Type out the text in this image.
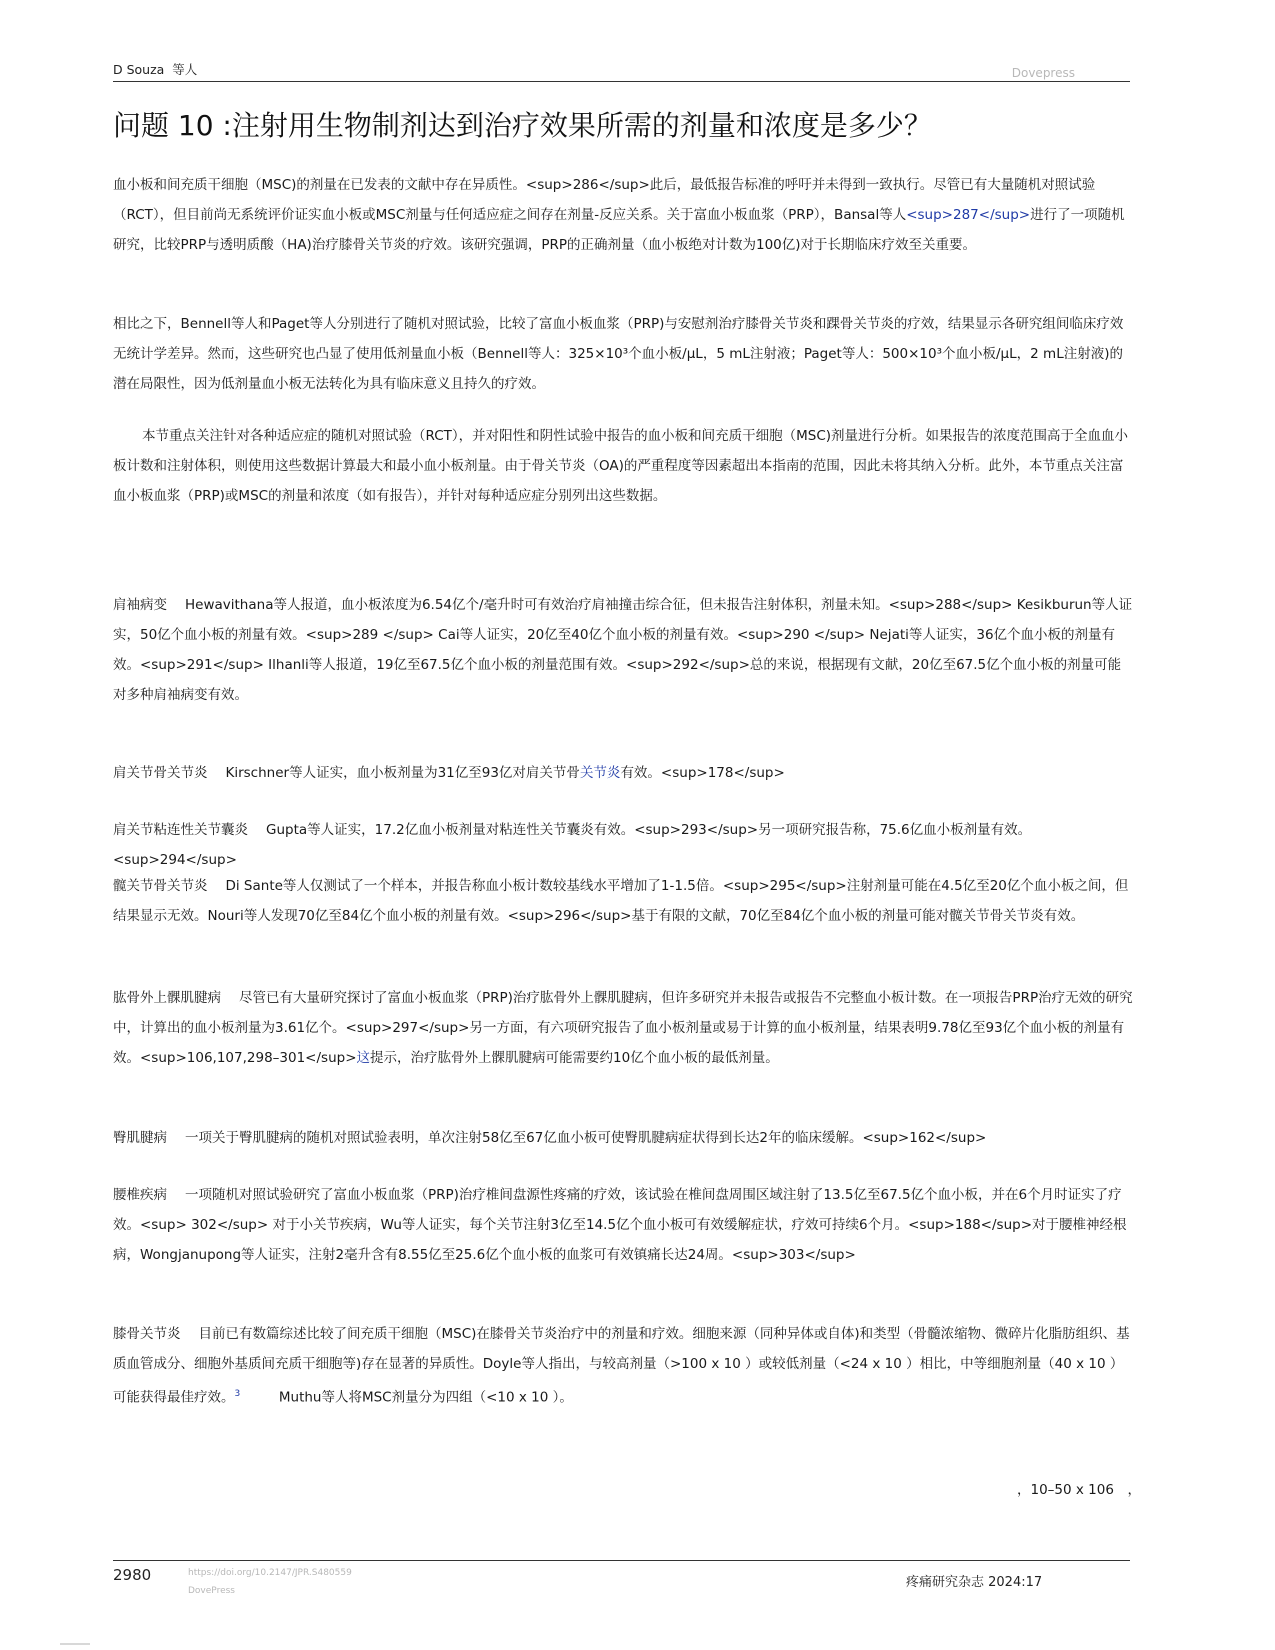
D Souza 等人	Dovepress
问题 10 :注射用生物制剂达到治疗效果所需的剂量和浓度是多少？

血小板和间充质干细胞（MSC)的剂量在已发表的文献中存在异质性。<sup>286</sup>此后，最低报告标准的呼吁并未得到一致执行。尽管已有大量随机对照试验（RCT），但目前尚无系统评价证实血小板或MSC剂量与任何适应症之间存在剂量-反应关系。关于富血小板血浆（PRP），Bansal等人<sup>287</sup>进行了一项随机研究，比较PRP与透明质酸（HA)治疗膝骨关节炎的疗效。该研究强调，PRP的正确剂量（血小板绝对计数为100亿)对于长期临床疗效至关重要。

相比之下，Bennell等人和Paget等人分别进行了随机对照试验，比较了富血小板血浆（PRP)与安慰剂治疗膝骨关节炎和踝骨关节炎的疗效，结果显示各研究组间临床疗效无统计学差异。然而，这些研究也凸显了使用低剂量血小板（Bennell等人：325×10³个血小板/μL，5 mL注射液；Paget等人：500×10³个血小板/μL，2 mL注射液)的潜在局限性，因为低剂量血小板无法转化为具有临床意义且持久的疗效。

本节重点关注针对各种适应症的随机对照试验（RCT），并对阳性和阴性试验中报告的血小板和间充质干细胞（MSC)剂量进行分析。如果报告的浓度范围高于全血血小板计数和注射体积，则使用这些数据计算最大和最小血小板剂量。由于骨关节炎（OA)的严重程度等因素超出本指南的范围，因此未将其纳入分析。此外，本节重点关注富血小板血浆（PRP)或MSC的剂量和浓度（如有报告），并针对每种适应症分别列出这些数据。

肩袖病变 Hewavithana等人报道，血小板浓度为6.54亿个/毫升时可有效治疗肩袖撞击综合征，但未报告注射体积，剂量未知。<sup>288</sup> Kesikburun等人证实，50亿个血小板的剂量有效。<sup>289 </sup> Cai等人证实，20亿至40亿个血小板的剂量有效。<sup>290 </sup> Nejati等人证实，36亿个血小板的剂量有效。<sup>291</sup> Ilhanli等人报道，19亿至67.5亿个血小板的剂量范围有效。<sup>292</sup>总的来说，根据现有文献，20亿至67.5亿个血小板的剂量可能对多种肩袖病变有效。

肩关节骨关节炎 Kirschner等人证实，血小板剂量为31亿至93亿对肩关节骨关节炎有效。<sup>178</sup>

肩关节粘连性关节囊炎 Gupta等人证实，17.2亿血小板剂量对粘连性关节囊炎有效。<sup>293</sup>另一项研究报告称，75.6亿血小板剂量有效。<sup>294</sup>

髋关节骨关节炎 Di Sante等人仅测试了一个样本，并报告称血小板计数较基线水平增加了1-1.5倍。<sup>295</sup>注射剂量可能在4.5亿至20亿个血小板之间，但结果显示无效。Nouri等人发现70亿至84亿个血小板的剂量有效。<sup>296</sup>基于有限的文献，70亿至84亿个血小板的剂量可能对髋关节骨关节炎有效。

肱骨外上髁肌腱病 尽管已有大量研究探讨了富血小板血浆（PRP)治疗肱骨外上髁肌腱病，但许多研究并未报告或报告不完整血小板计数。在一项报告PRP治疗无效的研究中，计算出的血小板剂量为3.61亿个。<sup>297</sup>另一方面，有六项研究报告了血小板剂量或易于计算的血小板剂量，结果表明9.78亿至93亿个血小板的剂量有效。<sup>106,107,298–301</sup>这提示，治疗肱骨外上髁肌腱病可能需要约10亿个血小板的最低剂量。

臀肌腱病 一项关于臀肌腱病的随机对照试验表明，单次注射58亿至67亿血小板可使臀肌腱病症状得到长达2年的临床缓解。<sup>162</sup>

腰椎疾病 一项随机对照试验研究了富血小板血浆（PRP)治疗椎间盘源性疼痛的疗效，该试验在椎间盘周围区域注射了13.5亿至67.5亿个血小板，并在6个月时证实了疗效。<sup> 302</sup> 对于小关节疾病，Wu等人证实，每个关节注射3亿至14.5亿个血小板可有效缓解症状，疗效可持续6个月。<sup>188</sup>对于腰椎神经根病，Wongjanupong等人证实，注射2毫升含有8.55亿至25.6亿个血小板的血浆可有效镇痛长达24周。<sup>303</sup>

膝骨关节炎 目前已有数篇综述比较了间充质干细胞（MSC)在膝骨关节炎治疗中的剂量和疗效。细胞来源（同种异体或自体)和类型（骨髓浓缩物、微碎片化脂肪组织、基质血管成分、细胞外基质间充质干细胞等)存在显著的异质性。Doyle等人指出，与较高剂量（>100 x 10 ）或较低剂量（<24 x 10 ）相比，中等细胞剂量（40 x 10 ）可能获得最佳疗效。$^3$	Muthu等人将MSC剂量分为四组（<10 x 10 ）。

，10–50 x 106　，
2980	https://doi.org/10.2147/JPR.S480559
DovePress
疼痛研究杂志 2024:17
